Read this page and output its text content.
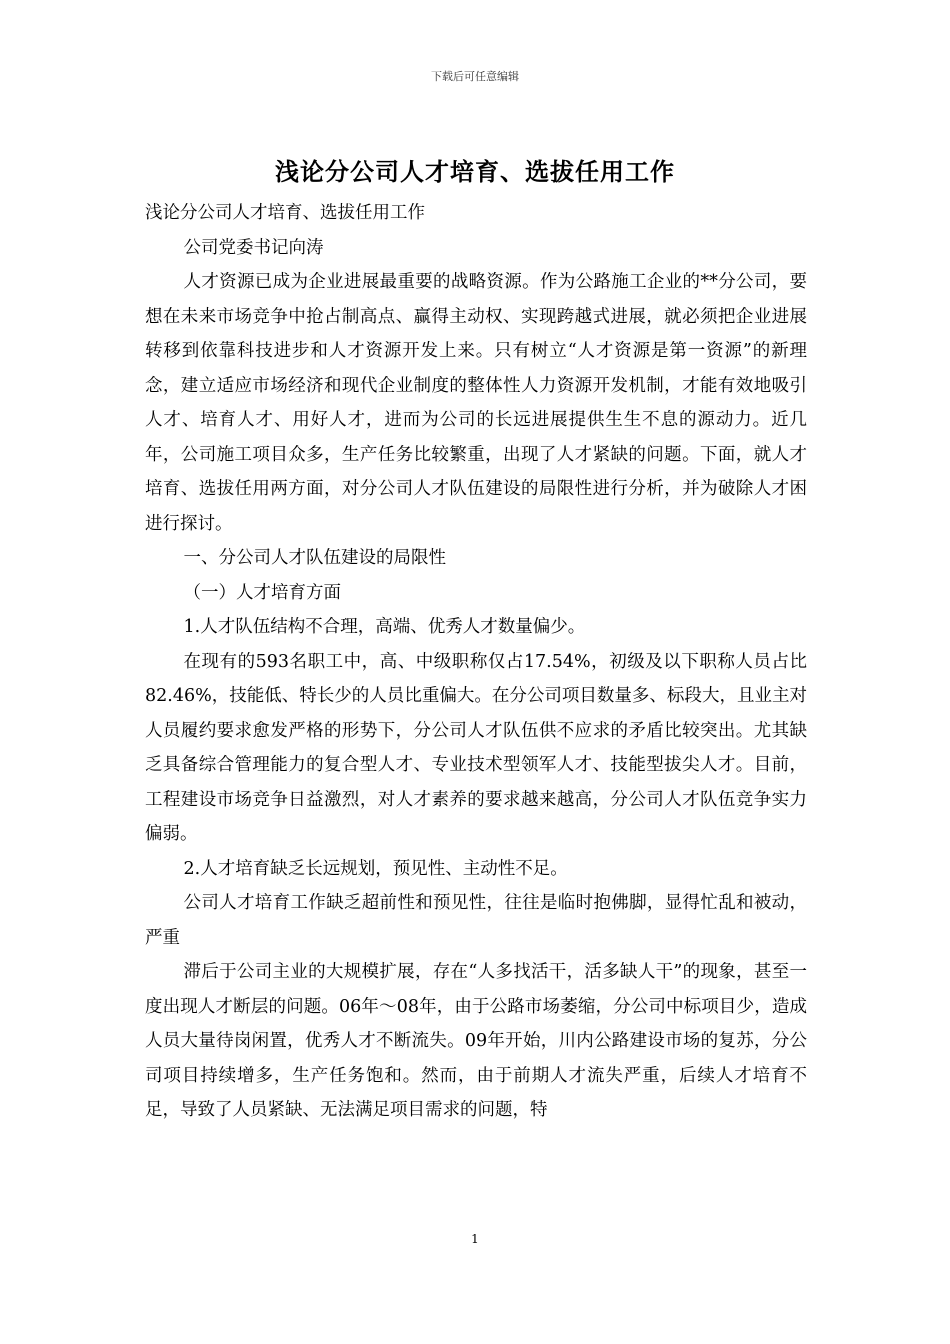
下载后可任意编辑
浅论分公司人才培育、选拔任用工作

浅论分公司人才培育、选拔任用工作

公司党委书记向涛

人才资源已成为企业进展最重要的战略资源。作为公路施工企业的**分公司，要想在未来市场竞争中抢占制高点、赢得主动权、实现跨越式进展，就必须把企业进展转移到依靠科技进步和人才资源开发上来。只有树立“人才资源是第一资源”的新理念，建立适应市场经济和现代企业制度的整体性人力资源开发机制，才能有效地吸引人才、培育人才、用好人才，进而为公司的长远进展提供生生不息的源动力。近几年，公司施工项目众多，生产任务比较繁重，出现了人才紧缺的问题。下面，就人才培育、选拔任用两方面，对分公司人才队伍建设的局限性进行分析，并为破除人才困进行探讨。

一、分公司人才队伍建设的局限性

（一）人才培育方面

1.人才队伍结构不合理，高端、优秀人才数量偏少。

在现有的593名职工中，高、中级职称仅占17.54%，初级及以下职称人员占比82.46%，技能低、特长少的人员比重偏大。在分公司项目数量多、标段大，且业主对人员履约要求愈发严格的形势下，分公司人才队伍供不应求的矛盾比较突出。尤其缺乏具备综合管理能力的复合型人才、专业技术型领军人才、技能型拔尖人才。目前，工程建设市场竞争日益激烈，对人才素养的要求越来越高，分公司人才队伍竞争实力偏弱。

2.人才培育缺乏长远规划，预见性、主动性不足。

公司人才培育工作缺乏超前性和预见性，往往是临时抱佛脚，显得忙乱和被动，严重

滞后于公司主业的大规模扩展，存在“人多找活干，活多缺人干”的现象，甚至一度出现人才断层的问题。06年～08年，由于公路市场萎缩，分公司中标项目少，造成人员大量待岗闲置，优秀人才不断流失。09年开始，川内公路建设市场的复苏，分公司项目持续增多，生产任务饱和。然而，由于前期人才流失严重，后续人才培育不足，导致了人员紧缺、无法满足项目需求的问题，特

1
